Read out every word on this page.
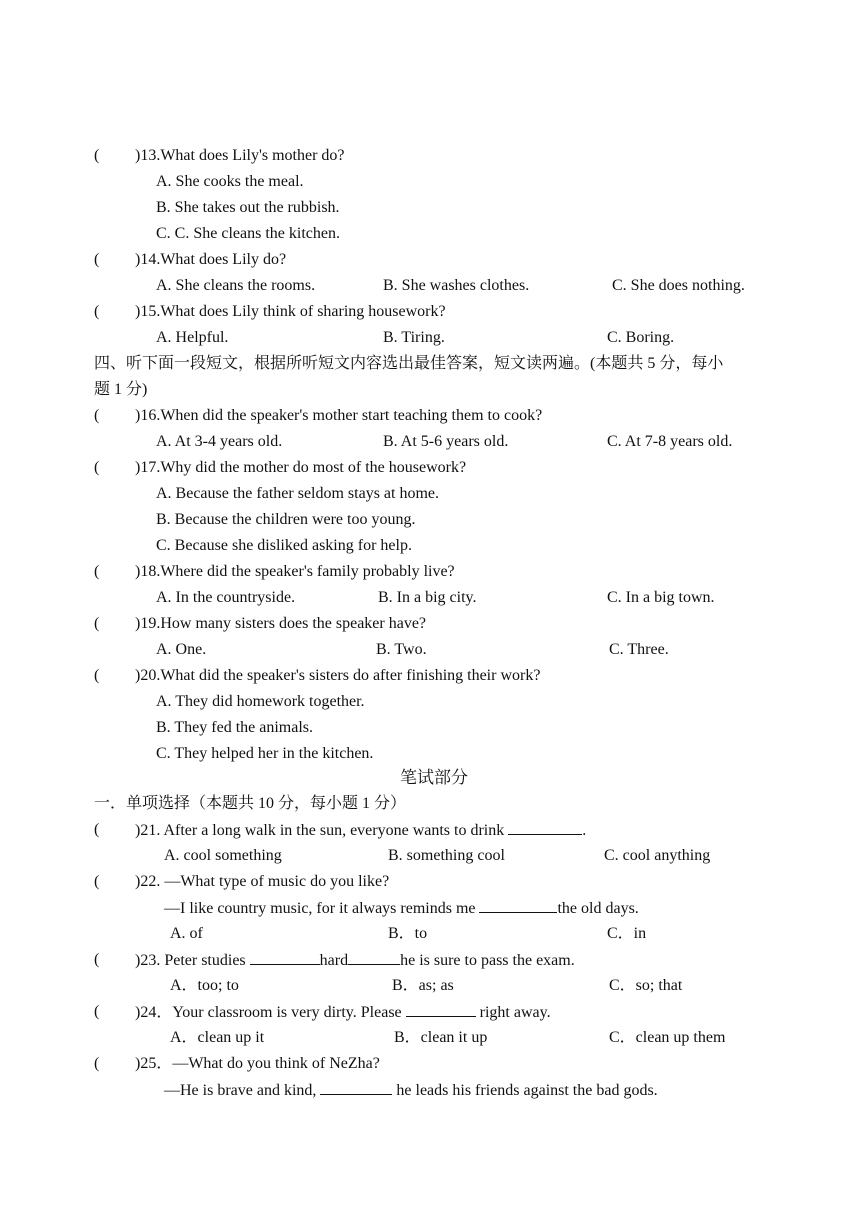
( )13.What does Lily's mother do?
A. She cooks the meal.
B. She takes out the rubbish.
C. C. She cleans the kitchen.
( )14.What does Lily do?
A. She cleans the rooms.	B. She washes clothes.	C. She does nothing.
( )15.What does Lily think of sharing housework?
A. Helpful.	B. Tiring.	C. Boring.
四、听下面一段短文，根据所听短文内容选出最佳答案，短文读两遍。(本题共 5 分，每小
题 1 分)
( )16.When did the speaker's mother start teaching them to cook?
A. At 3-4 years old.	B. At 5-6 years old.	C. At 7-8 years old.
( )17.Why did the mother do most of the housework?
A. Because the father seldom stays at home.
B. Because the children were too young.
C. Because she disliked asking for help.
( )18.Where did the speaker's family probably live?
A. In the countryside.	B. In a big city.	C. In a big town.
( )19.How many sisters does the speaker have?
A. One.	B. Two.	C. Three.
( )20.What did the speaker's sisters do after finishing their work?
A. They did homework together.
B. They fed the animals.
C. They helped her in the kitchen.
笔试部分
一．单项选择（本题共 10 分，每小题 1 分）
( )21. After a long walk in the sun, everyone wants to drink	.
A. cool something	B. something cool	C. cool anything
( )22. —What type of music do you like?
—I like country music, for it always reminds me	the old days.
A. of	B．to	C．in
( )23. Peter studies	hard	he is sure to pass the exam.
A．too; to	B．as; as	C．so; that
( )24．Your classroom is very dirty. Please	right away.
A．clean up it	B．clean it up	C．clean up them
( )25．—What do you think of NeZha?
—He is brave and kind,	he leads his friends against the bad gods.
